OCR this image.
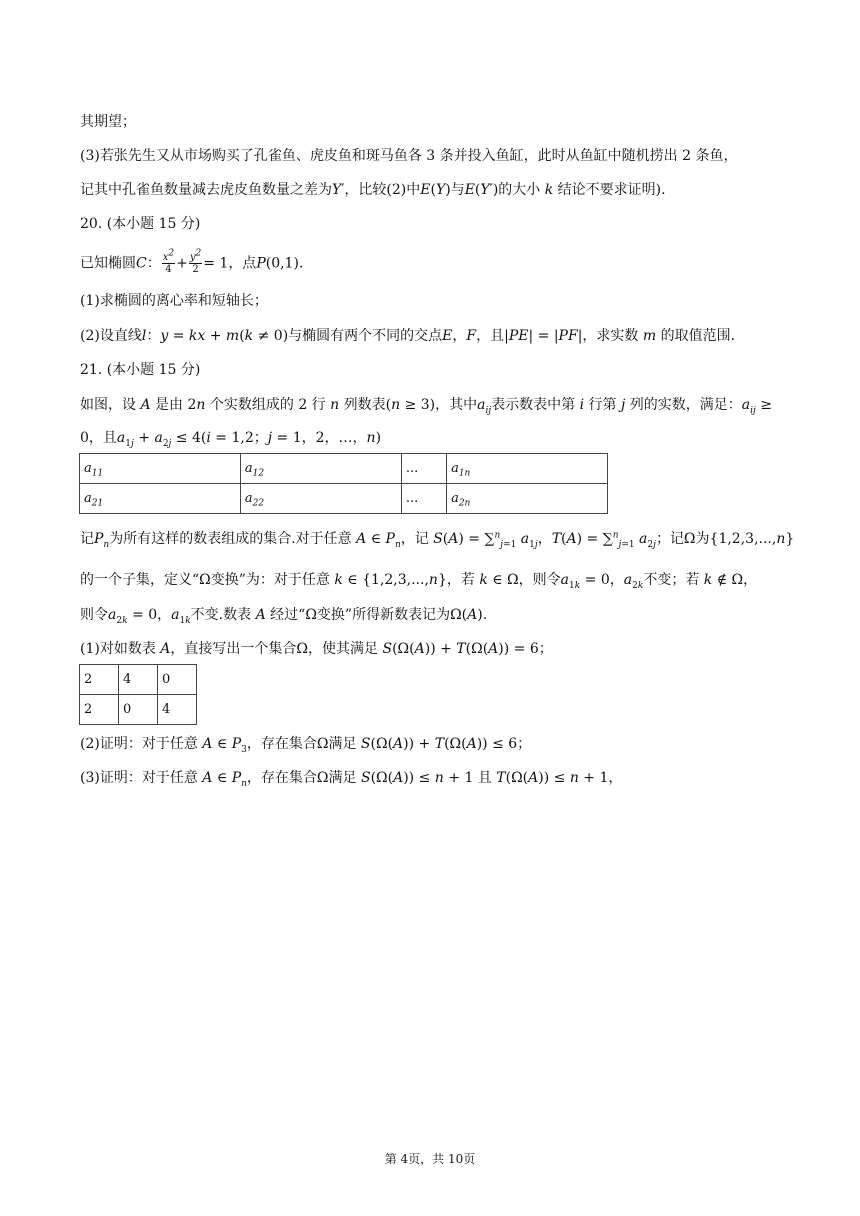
其期望；
(3)若张先生又从市场购买了孔雀鱼、虎皮鱼和斑马鱼各 3 条并投入鱼缸，此时从鱼缸中随机捞出 2 条鱼，
记其中孔雀鱼数量减去虎皮鱼数量之差为Y′，比较(2)中E(Y)与E(Y′)的大小 k 结论不要求证明).
20. (本小题 15 分)
已知椭圆C： $\frac{x^2}{4} + \frac{y^2}{2} = 1$，点P(0,1).
(1)求椭圆的离心率和短轴长；
(2)设直线l：y = kx + m(k ≠ 0)与椭圆有两个不同的交点E，F，且|PE| = |PF|，求实数 m 的取值范围.
21. (本小题 15 分)
如图，设 A 是由 2n 个实数组成的 2 行 n 列数表(n ≥ 3)，其中$a_{ij}$表示数表中第 i 行第 j 列的实数，满足：$a_{ij}$ ≥
0，且$a_{1j} + a_{2j} \le 4(i = 1,2$；j = 1，2，…，n)
$a_{11}$	$a_{12}$	...	$a_{1n}$
$a_{21}$	$a_{22}$	...	$a_{2n}$
记$P_n$为所有这样的数表组成的集合.对于任意 A ∈ $P_n$，记 S(A) = ∑$^n_{j=1}$ $a_{1j}$，T(A) = ∑$^n_{j=1}$ $a_{2j}$；记Ω为{1,2,3,...,n}
的一个子集，定义“Ω变换”为：对于任意 k ∈ {1,2,3,...,n}，若 k ∈ Ω，则令$a_{1k} = 0$，$a_{2k}$不变；若 k ∉ Ω，
则令$a_{2k} = 0$，$a_{1k}$不变.数表 A 经过“Ω变换”所得新数表记为Ω(A).
(1)对如数表 A，直接写出一个集合Ω，使其满足 S(Ω(A)) + T(Ω(A)) = 6；
2	4	0
2	0	4
(2)证明：对于任意 A ∈ $P_3$，存在集合Ω满足 S(Ω(A)) + T(Ω(A)) ≤ 6；
(3)证明：对于任意 A ∈ $P_n$，存在集合Ω满足 S(Ω(A)) ≤ n + 1 且 T(Ω(A)) ≤ n + 1，
第 4页，共 10页
